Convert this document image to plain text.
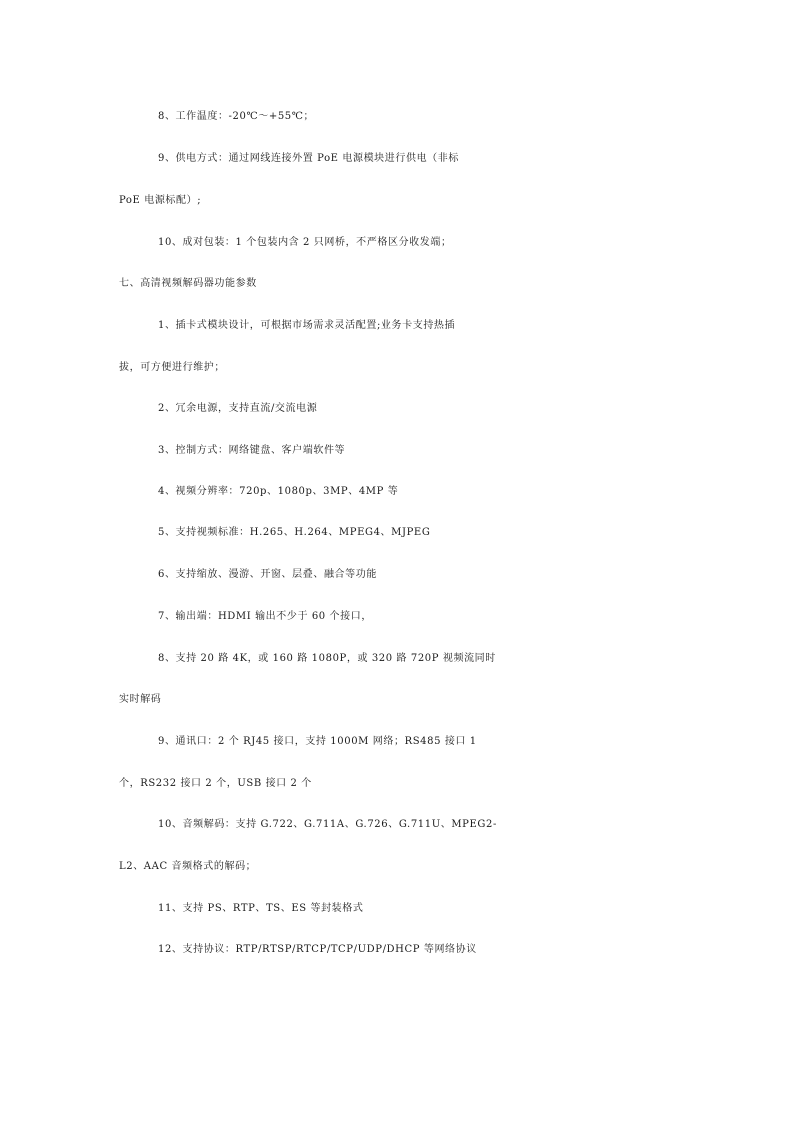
8、工作温度：-20℃～+55℃；
9、供电方式：通过网线连接外置 PoE 电源模块进行供电（非标
PoE 电源标配）;
10、成对包装：1 个包装内含 2 只网桥，不严格区分收发端；
七、高清视频解码器功能参数
1、插卡式模块设计，可根据市场需求灵活配置;业务卡支持热插
拔，可方便进行维护；
2、冗余电源，支持直流/交流电源
3、控制方式：网络键盘、客户端软件等
4、视频分辨率：720p、1080p、3MP、4MP 等
5、支持视频标准：H.265、H.264、MPEG4、MJPEG
6、支持缩放、漫游、开窗、层叠、融合等功能
7、输出端：HDMI 输出不少于 60 个接口，
8、支持 20 路 4K，或 160 路 1080P，或 320 路 720P 视频流同时
实时解码
9、通讯口：2 个 RJ45 接口，支持 1000M 网络；RS485 接口 1
个，RS232 接口 2 个，USB 接口 2 个
10、音频解码：支持 G.722、G.711A、G.726、G.711U、MPEG2-
L2、AAC 音频格式的解码；
11、支持 PS、RTP、TS、ES 等封装格式
12、支持协议：RTP/RTSP/RTCP/TCP/UDP/DHCP 等网络协议
